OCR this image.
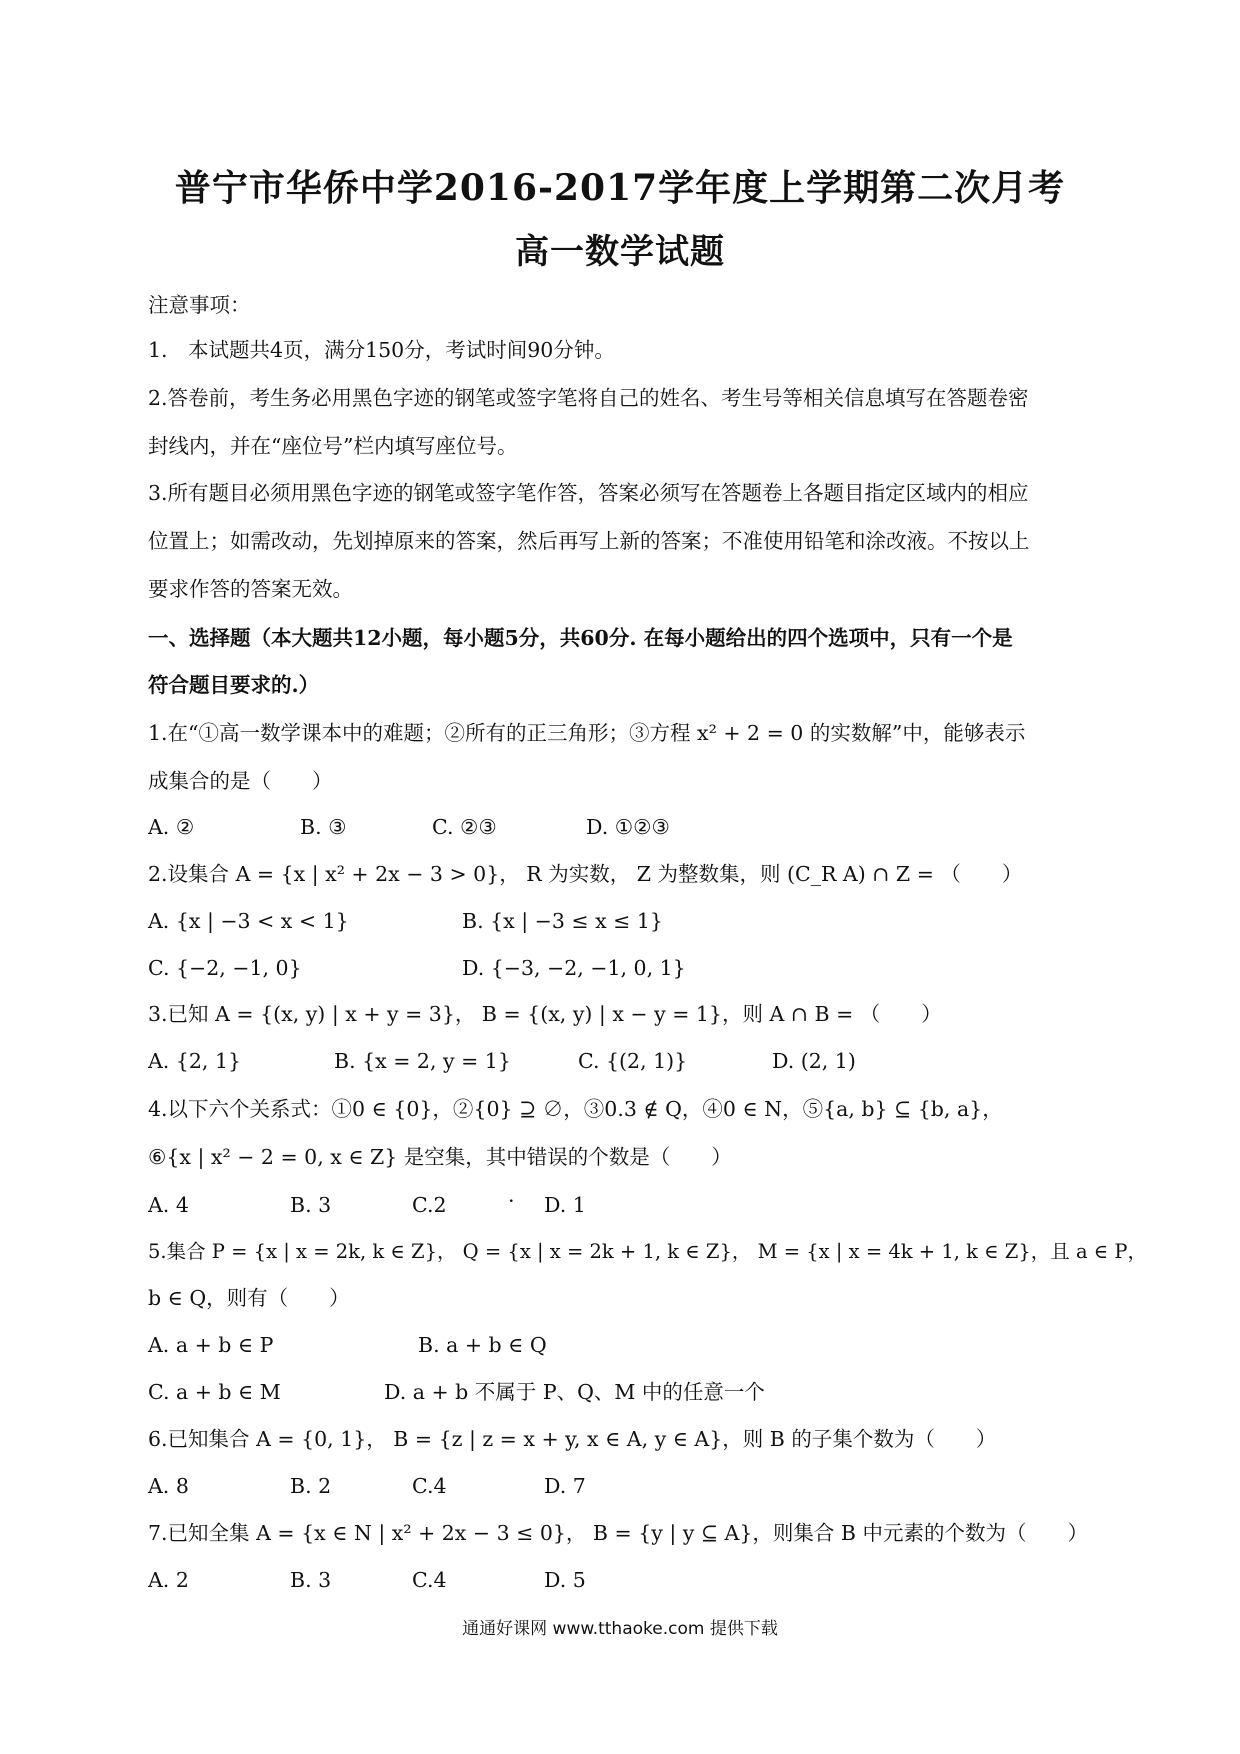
普宁市华侨中学2016-2017学年度上学期第二次月考
高一数学试题
注意事项：
1.　本试题共4页，满分150分，考试时间90分钟。
2.答卷前，考生务必用黑色字迹的钢笔或签字笔将自己的姓名、考生号等相关信息填写在答题卷密
封线内，并在“座位号”栏内填写座位号。
3.所有题目必须用黑色字迹的钢笔或签字笔作答，答案必须写在答题卷上各题目指定区域内的相应
位置上；如需改动，先划掉原来的答案，然后再写上新的答案；不准使用铅笔和涂改液。不按以上
要求作答的答案无效。
一、选择题（本大题共12小题，每小题5分，共60分. 在每小题给出的四个选项中，只有一个是
符合题目要求的.）
1.在“①高一数学课本中的难题；②所有的正三角形；③方程 x² + 2 = 0 的实数解”中，能够表示
成集合的是（　　）
A. ②	B. ③	C. ②③	D. ①②③
2.设集合 A = {x | x² + 2x − 3 > 0}， R 为实数， Z 为整数集，则 (C_R A) ∩ Z = （　　）
A. {x | −3 < x < 1}	B. {x | −3 ≤ x ≤ 1}
C. {−2, −1, 0}	D. {−3, −2, −1, 0, 1}
3.已知 A = {(x, y) | x + y = 3}， B = {(x, y) | x − y = 1}，则 A ∩ B = （　　）
A. {2, 1}	B. {x = 2, y = 1}	C. {(2, 1)}	D. (2, 1)
4.以下六个关系式：①0 ∈ {0}，②{0} ⊇ ∅，③0.3 ∉ Q，④0 ∈ N，⑤{a, b} ⊆ {b, a}，
⑥{x | x² − 2 = 0, x ∈ Z} 是空集，其中错误的个数是（　　）
A. 4	B. 3	C.2	· D. 1
5.集合 P = {x | x = 2k, k ∈ Z}， Q = {x | x = 2k + 1, k ∈ Z}， M = {x | x = 4k + 1, k ∈ Z}，且 a ∈ P，
b ∈ Q，则有（　　）
A. a + b ∈ P	B. a + b ∈ Q
C. a + b ∈ M	D. a + b 不属于 P、Q、M 中的任意一个
6.已知集合 A = {0, 1}， B = {z | z = x + y, x ∈ A, y ∈ A}，则 B 的子集个数为（　　）
A. 8	B. 2	C.4	D. 7
7.已知全集 A = {x ∈ N | x² + 2x − 3 ≤ 0}， B = {y | y ⊆ A}，则集合 B 中元素的个数为（　　）
A. 2	B. 3	C.4	D. 5
通通好课网 www.tthaoke.com 提供下载
